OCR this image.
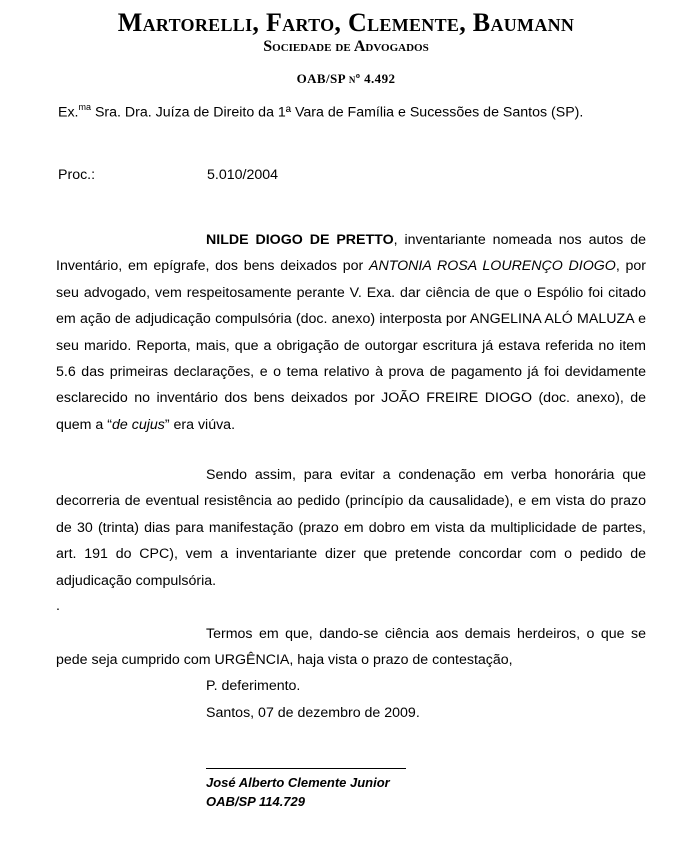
Martorelli, Farto, Clemente, Baumann
Sociedade de Advogados
OAB/SP nº 4.492
Ex.$^{ma}$ Sra. Dra. Juíza de Direito da 1ª Vara de Família e Sucessões de Santos (SP).
Proc.:	5.010/2004

NILDE DIOGO DE PRETTO, inventariante nomeada nos autos de Inventário, em epígrafe, dos bens deixados por ANTONIA ROSA LOURENÇO DIOGO, por seu advogado, vem respeitosamente perante V. Exa. dar ciência de que o Espólio foi citado em ação de adjudicação compulsória (doc. anexo) interposta por ANGELINA ALÓ MALUZA e seu marido. Reporta, mais, que a obrigação de outorgar escritura já estava referida no item 5.6 das primeiras declarações, e o tema relativo à prova de pagamento já foi devidamente esclarecido no inventário dos bens deixados por JOÃO FREIRE DIOGO (doc. anexo), de quem a “de cujus” era viúva.

Sendo assim, para evitar a condenação em verba honorária que decorreria de eventual resistência ao pedido (princípio da causalidade), e em vista do prazo de 30 (trinta) dias para manifestação (prazo em dobro em vista da multiplicidade de partes, art. 191 do CPC), vem a inventariante dizer que pretende concordar com o pedido de adjudicação compulsória.

.

Termos em que, dando-se ciência aos demais herdeiros, o que se pede seja cumprido com URGÊNCIA, haja vista o prazo de contestação,

P. deferimento.
Santos, 07 de dezembro de 2009.
José Alberto Clemente Junior
OAB/SP 114.729
